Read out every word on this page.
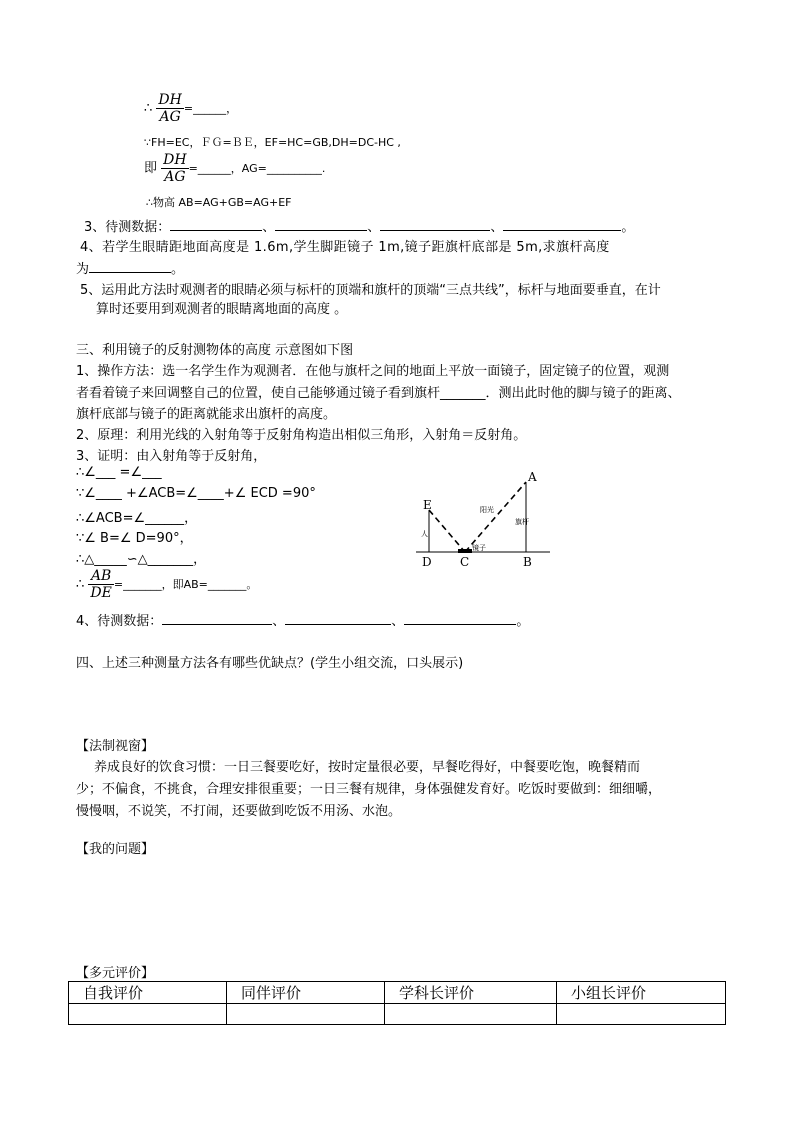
∴ $\frac{DH}{AG}$ =______，
∵FH=EC，ＦＧ=ＢＥ，EF=HC=GB,DH=DC-HC ,
即 $\frac{DH}{AG}$ =______，AG=__________.
∴物高 AB=AG+GB=AG+EF
3、待测数据：	、	、	、	。
4、若学生眼睛距地面高度是 1.6m,学生脚距镜子 1m,镜子距旗杆底部是 5m,求旗杆高度
为	。
5、运用此方法时观测者的眼睛必须与标杆的顶端和旗杆的顶端“三点共线”，标杆与地面要垂直，在计
算时还要用到观测者的眼睛离地面的高度 。
三、利用镜子的反射测物体的高度 示意图如下图
1、操作方法：选一名学生作为观测者．在他与旗杆之间的地面上平放一面镜子，固定镜子的位置，观测
者看着镜子来回调整自己的位置，使自己能够通过镜子看到旗杆_______．测出此时他的脚与镜子的距离、
旗杆底部与镜子的距离就能求出旗杆的高度。
2、原理：利用光线的入射角等于反射角构造出相似三角形，入射角＝反射角。
3、证明：由入射角等于反射角，
∴∠___ =∠___
∵∠____ +∠ACB=∠____+∠ ECD =90°
∴∠ACB=∠______，
∵∠ B=∠ D=90°，
∴△_____∽△_______，
∴ $\frac{AB}{DE}$ =_______，即AB=_______。
4、待测数据：	、	、	。
E
D C	B
A
阳光
旗杆
人
镜子
四、上述三种测量方法各有哪些优缺点？(学生小组交流，口头展示)
【法制视窗】
养成良好的饮食习惯：一日三餐要吃好，按时定量很必要，早餐吃得好，中餐要吃饱，晚餐精而
少；不偏食，不挑食，合理安排很重要；一日三餐有规律，身体强健发育好。吃饭时要做到：细细嚼，
慢慢咽，不说笑，不打闹，还要做到吃饭不用汤、水泡。
【我的问题】
【多元评价】
自我评价	同伴评价	学科长评价	小组长评价
